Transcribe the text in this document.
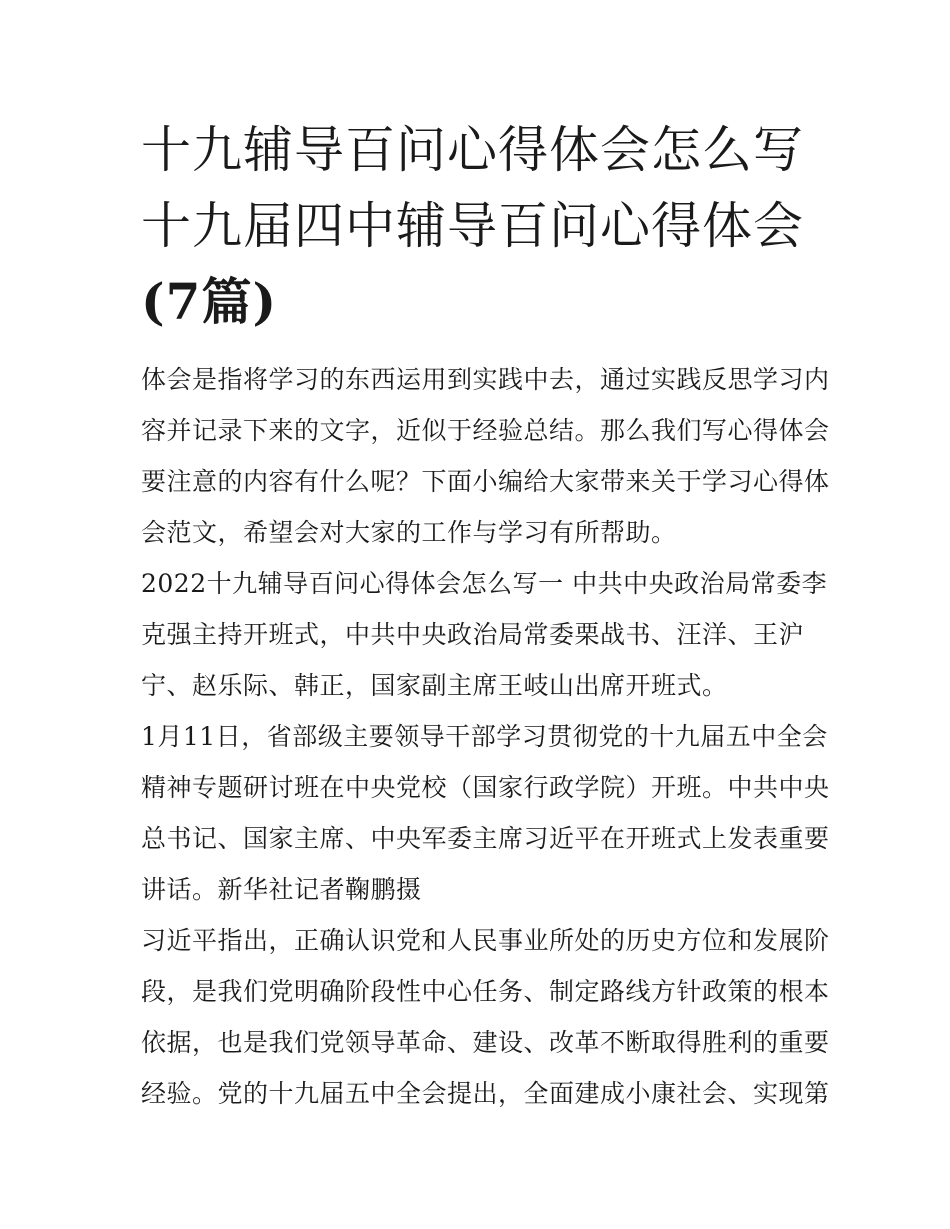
十九辅导百问心得体会怎么写
十九届四中辅导百问心得体会
(7篇)

体会是指将学习的东西运用到实践中去，通过实践反思学习内
容并记录下来的文字，近似于经验总结。那么我们写心得体会
要注意的内容有什么呢？下面小编给大家带来关于学习心得体
会范文，希望会对大家的工作与学习有所帮助。

2022十九辅导百问心得体会怎么写一 中共中央政治局常委李
克强主持开班式，中共中央政治局常委栗战书、汪洋、王沪
宁、赵乐际、韩正，国家副主席王岐山出席开班式。

1月11日，省部级主要领导干部学习贯彻党的十九届五中全会
精神专题研讨班在中央党校（国家行政学院）开班。中共中央
总书记、国家主席、中央军委主席习近平在开班式上发表重要
讲话。新华社记者鞠鹏摄

习近平指出，正确认识党和人民事业所处的历史方位和发展阶
段，是我们党明确阶段性中心任务、制定路线方针政策的根本
依据，也是我们党领导革命、建设、改革不断取得胜利的重要
经验。党的十九届五中全会提出，全面建成小康社会、实现第
